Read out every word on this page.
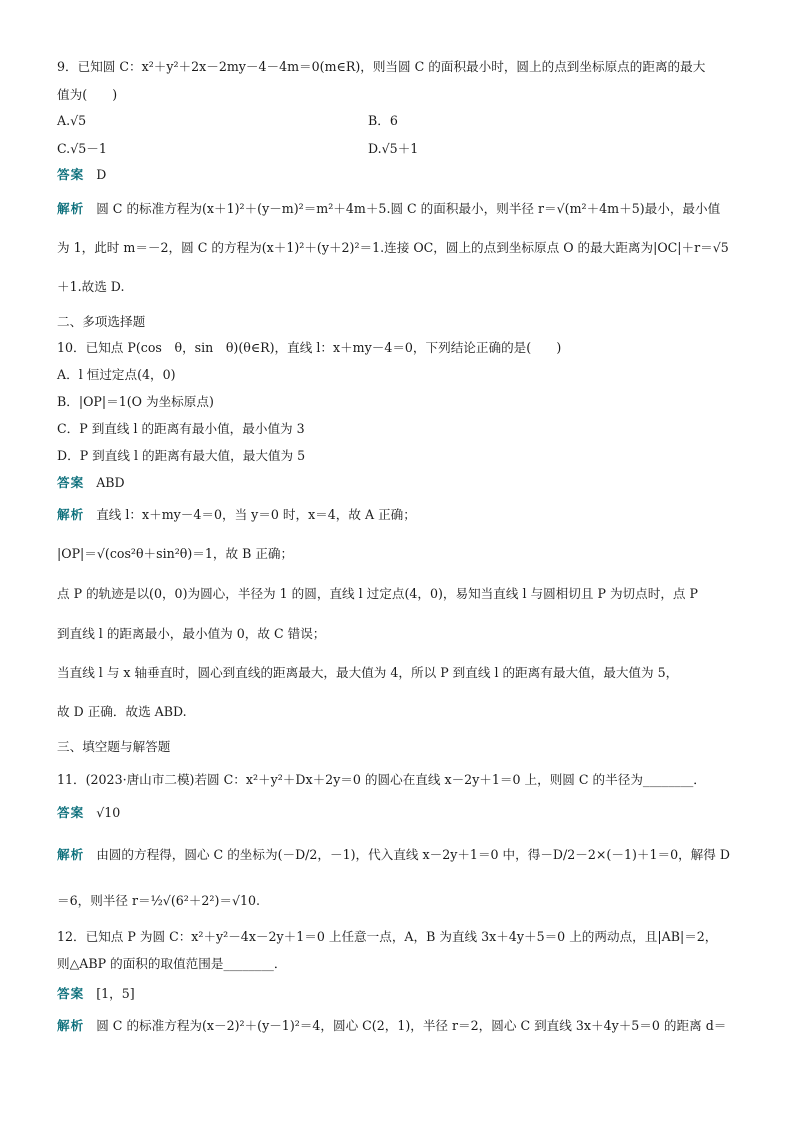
9．已知圆 C：x²＋y²＋2x－2my－4－4m＝0(m∈R)，则当圆 C 的面积最小时，圆上的点到坐标原点的距离的最大
值为(　　)
A.√5	B．6
C.√5－1	D.√5＋1
答案 D
解析 圆 C 的标准方程为(x＋1)²＋(y－m)²＝m²＋4m＋5.圆 C 的面积最小，则半径 r＝√(m²＋4m＋5)最小，最小值
为 1，此时 m＝－2，圆 C 的方程为(x＋1)²＋(y＋2)²＝1.连接 OC，圆上的点到坐标原点 O 的最大距离为|OC|＋r＝√5
＋1.故选 D.
二、多项选择题
10．已知点 P(cos　θ，sin　θ)(θ∈R)，直线 l：x＋my－4＝0，下列结论正确的是(　　)
A．l 恒过定点(4，0)
B．|OP|＝1(O 为坐标原点)
C．P 到直线 l 的距离有最小值，最小值为 3
D．P 到直线 l 的距离有最大值，最大值为 5
答案 ABD
解析 直线 l：x＋my－4＝0，当 y＝0 时，x＝4，故 A 正确；
|OP|＝√(cos²θ＋sin²θ)＝1，故 B 正确；
点 P 的轨迹是以(0，0)为圆心，半径为 1 的圆，直线 l 过定点(4，0)，易知当直线 l 与圆相切且 P 为切点时，点 P
到直线 l 的距离最小，最小值为 0，故 C 错误；
当直线 l 与 x 轴垂直时，圆心到直线的距离最大，最大值为 4，所以 P 到直线 l 的距离有最大值，最大值为 5，
故 D 正确．故选 ABD.
三、填空题与解答题
11．(2023·唐山市二模)若圆 C：x²＋y²＋Dx＋2y＝0 的圆心在直线 x－2y＋1＝0 上，则圆 C 的半径为________．
答案 √10
解析 由圆的方程得，圆心 C 的坐标为(－D/2，－1)，代入直线 x－2y＋1＝0 中，得－D/2－2×(－1)＋1＝0，解得 D
＝6，则半径 r＝½√(6²＋2²)＝√10.
12．已知点 P 为圆 C：x²＋y²－4x－2y＋1＝0 上任意一点，A，B 为直线 3x＋4y＋5＝0 上的两动点，且|AB|＝2，
则△ABP 的面积的取值范围是________．
答案 [1，5]
解析 圆 C 的标准方程为(x－2)²＋(y－1)²＝4，圆心 C(2，1)，半径 r＝2，圆心 C 到直线 3x＋4y＋5＝0 的距离 d＝
